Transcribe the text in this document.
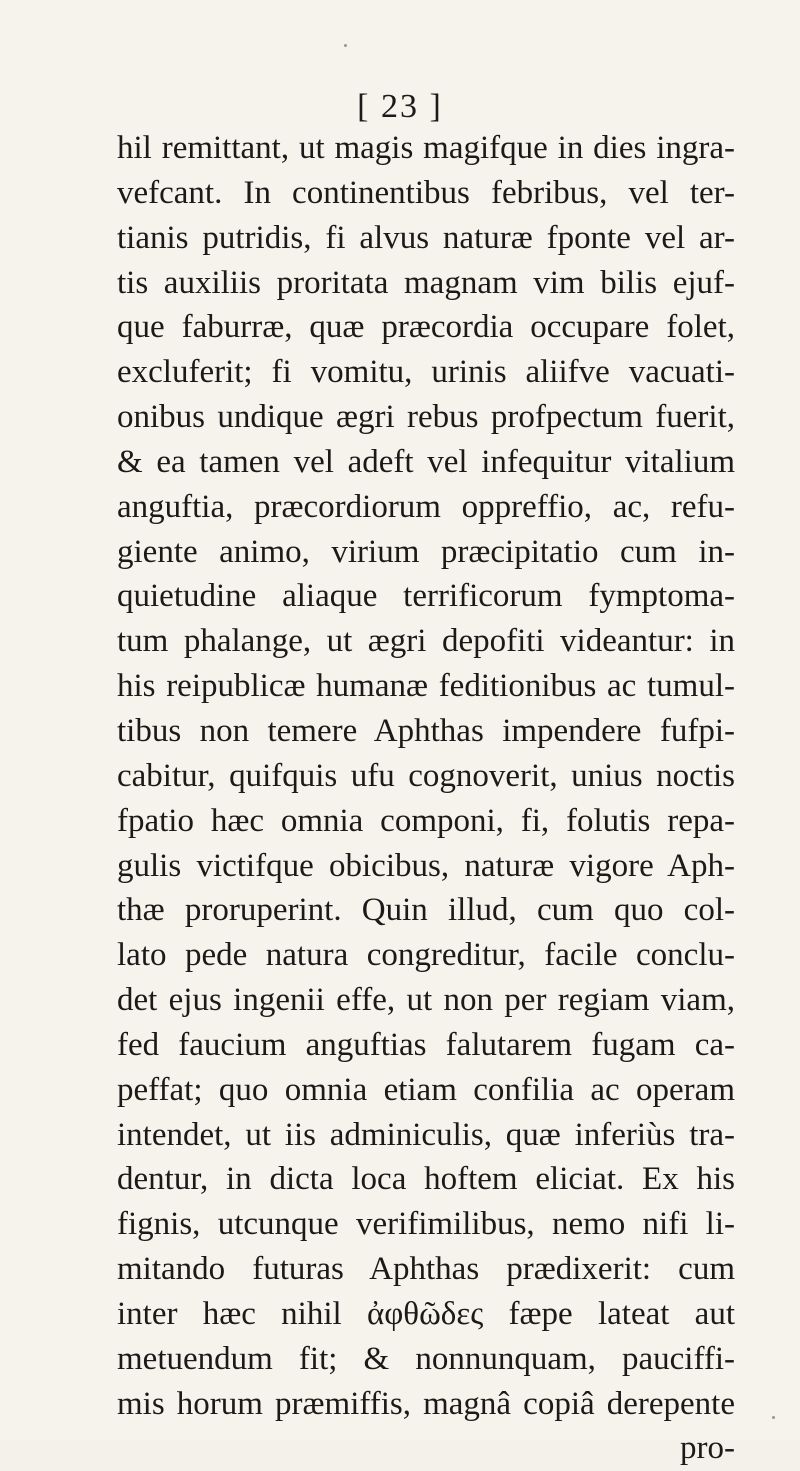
[ 23 ]
hil remittant, ut magis magifque in dies ingra-
vefcant. In continentibus febribus, vel ter-
tianis putridis, fi alvus naturæ fponte vel ar-
tis auxiliis proritata magnam vim bilis ejuf-
que faburræ, quæ præcordia occupare folet,
excluferit; fi vomitu, urinis aliifve vacuati-
onibus undique ægri rebus profpectum fuerit,
& ea tamen vel adeft vel infequitur vitalium
anguftia, præcordiorum oppreffio, ac, refu-
giente animo, virium præcipitatio cum in-
quietudine aliaque terrificorum fymptoma-
tum phalange, ut ægri depofiti videantur: in
his reipublicæ humanæ feditionibus ac tumul-
tibus non temere Aphthas impendere fufpi-
cabitur, quifquis ufu cognoverit, unius noctis
fpatio hæc omnia componi, fi, folutis repa-
gulis victifque obicibus, naturæ vigore Aph-
thæ proruperint. Quin illud, cum quo col-
lato pede natura congreditur, facile conclu-
det ejus ingenii effe, ut non per regiam viam,
fed faucium anguftias falutarem fugam ca-
peffat; quo omnia etiam confilia ac operam
intendet, ut iis adminiculis, quæ inferiùs tra-
dentur, in dicta loca hoftem eliciat. Ex his
fignis, utcunque verifimilibus, nemo nifi li-
mitando futuras Aphthas prædixerit: cum
inter hæc nihil ἀφθῶδες fæpe lateat aut
metuendum fit; & nonnunquam, pauciffi-
mis horum præmiffis, magnâ copiâ derepente
pro-
